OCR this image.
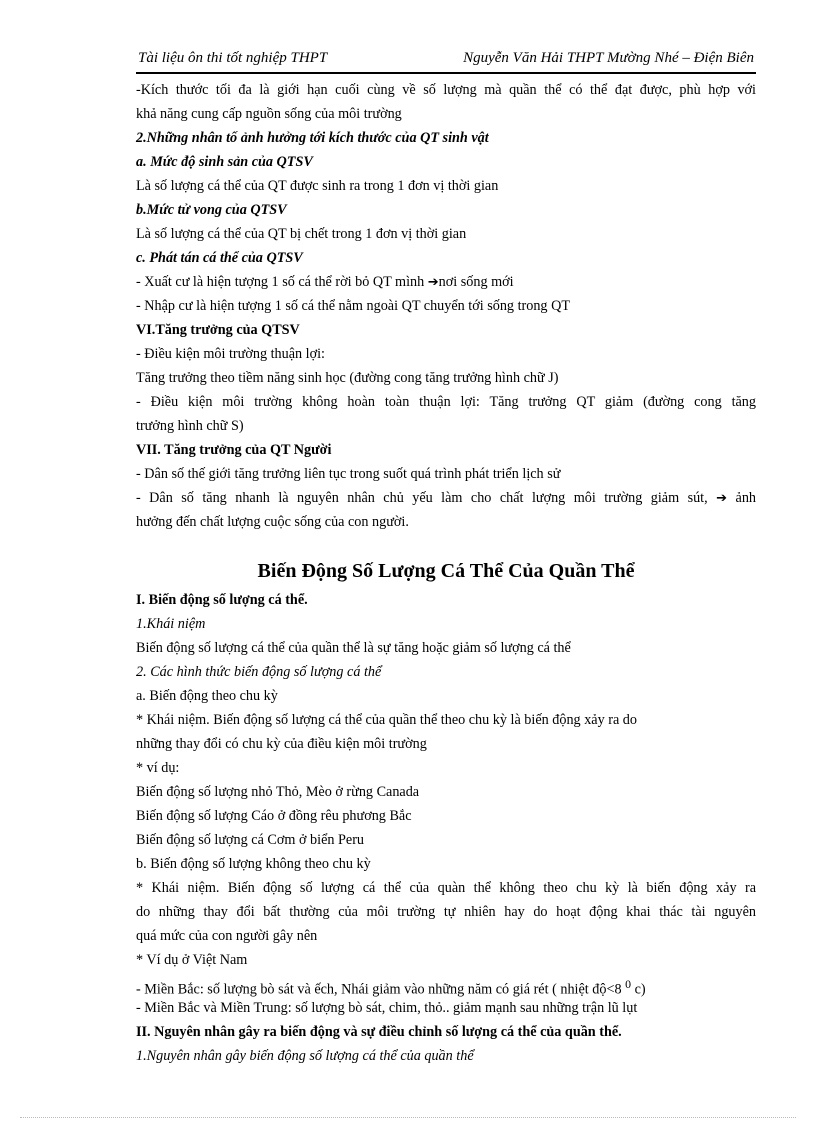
Tài liệu ôn thi tốt nghiệp THPT	Nguyễn Văn Hải THPT Mường Nhé – Điện Biên
-Kích thước tối đa là giới hạn cuối cùng về số lượng mà quần thể có thể đạt được, phù hợp với
khả năng cung cấp nguồn sống của môi trường
2.Những nhân tố ảnh hưởng tới kích thước của QT sinh vật
a. Mức độ sinh sản của QTSV
Là số lượng cá thể của QT được sinh ra trong 1 đơn vị thời gian
b.Mức tử vong của QTSV
Là số lượng cá thể của QT bị chết trong 1 đơn vị thời gian
c. Phát tán cá thể của QTSV
- Xuất cư là hiện tượng 1 số cá thể rời bỏ QT mình ➔nơi sống mới
- Nhập cư là hiện tượng 1 số cá thể nằm ngoài QT chuyển tới sống trong QT
VI.Tăng trưởng của QTSV
- Điều kiện môi trường thuận lợi:
Tăng trưởng theo tiềm năng sinh học (đường cong tăng trưởng hình chữ J)
- Điều kiện môi trường không hoàn toàn thuận lợi: Tăng trưởng QT giảm (đường cong tăng
trưởng hình chữ S)
VII. Tăng trưởng của QT Người
- Dân số thế giới tăng trưởng liên tục trong suốt quá trình phát triển lịch sử
- Dân số tăng nhanh là nguyên nhân chủ yếu làm cho chất lượng môi trường giảm sút, ➔ ảnh
hưởng đến chất lượng cuộc sống của con người.
Biến Động Số Lượng Cá Thể Của Quần Thể
I. Biến động số lượng cá thể.
1.Khái niệm
Biến động số lượng cá thể của quần thể là sự tăng hoặc giảm số lượng cá thể
2. Các hình thức biến động số lượng cá thể
a. Biến động theo chu kỳ
* Khái niệm. Biến động số lượng cá thể của quần thể theo chu kỳ là biến động xảy ra do
những thay đổi có chu kỳ của điều kiện môi trường
* ví dụ:
Biến động số lượng nhỏ Thỏ, Mèo ở rừng Canada
Biến động số lượng Cáo ở đồng rêu phương Bắc
Biến động số lượng cá Cơm ở biển Peru
b. Biến động số lượng không theo chu kỳ
* Khái niệm. Biến động số lượng cá thể của quàn thể không theo chu kỳ là biến động xảy ra
do những thay đổi bất thường của môi trường tự nhiên hay do hoạt động khai thác tài nguyên
quá mức của con người gây nên
* Ví dụ ở Việt Nam
- Miền Bắc: số lượng bò sát và ếch, Nhái giảm vào những năm có giá rét ( nhiệt độ<8 $^0$ c)
- Miền Bắc và Miền Trung: số lượng bò sát, chim, thỏ.. giảm mạnh sau những trận lũ lụt
II. Nguyên nhân gây ra biến động và sự điều chỉnh số lượng cá thể của quần thể.
1.Nguyên nhân gây biến động số lượng cá thể của quần thể
